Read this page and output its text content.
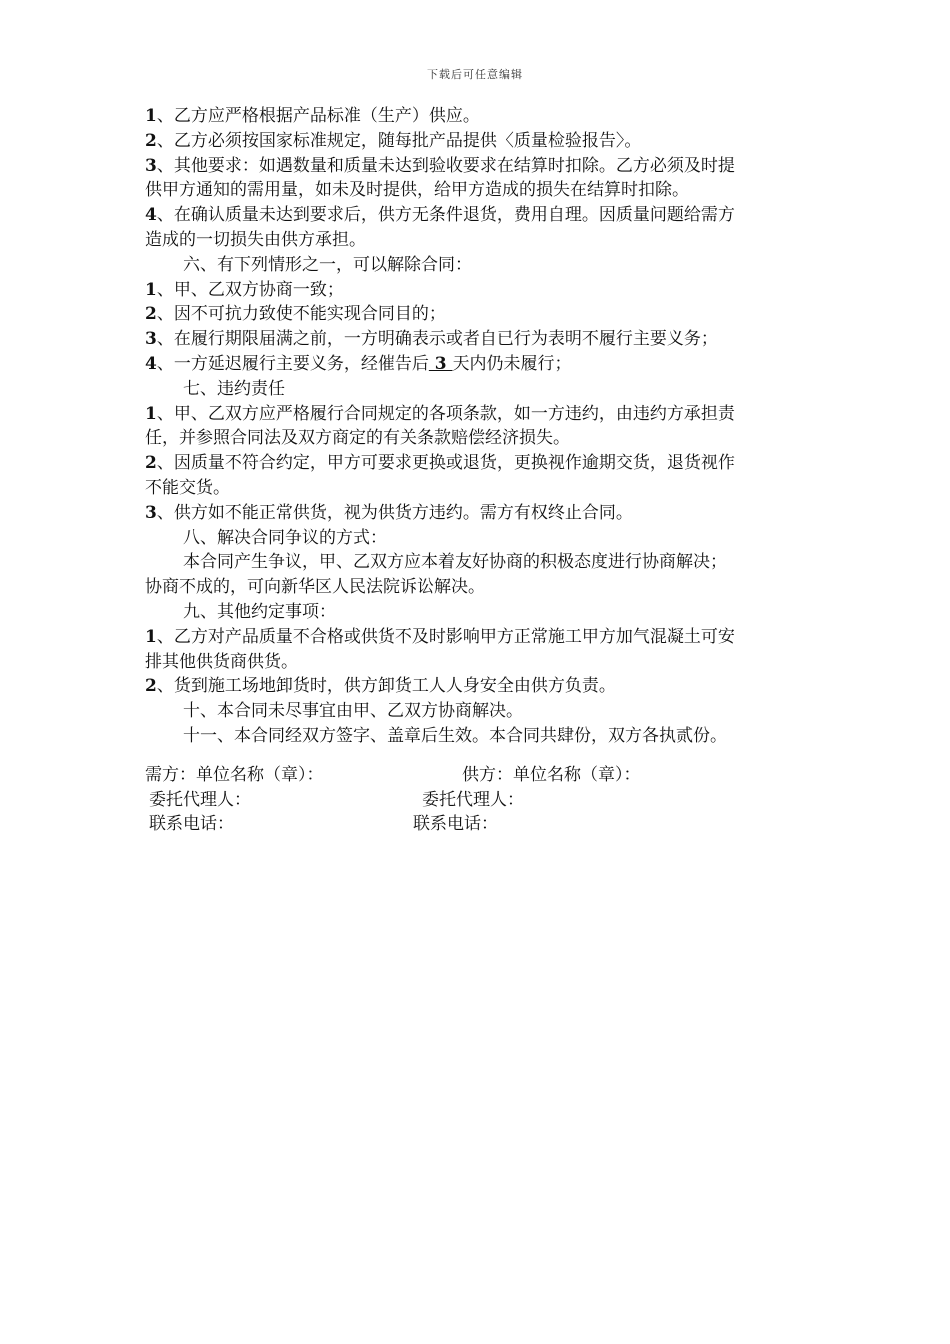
下载后可任意编辑
1、乙方应严格根据产品标准（生产）供应。
2、乙方必须按国家标准规定，随每批产品提供〈质量检验报告〉。
3、其他要求：如遇数量和质量未达到验收要求在结算时扣除。乙方必须及时提
供甲方通知的需用量，如未及时提供，给甲方造成的损失在结算时扣除。
4、在确认质量未达到要求后，供方无条件退货，费用自理。因质量问题给需方
造成的一切损失由供方承担。
六、有下列情形之一，可以解除合同：
1、甲、乙双方协商一致；
2、因不可抗力致使不能实现合同目的；
3、在履行期限届满之前，一方明确表示或者自已行为表明不履行主要义务；
4、一方延迟履行主要义务，经催告后 3 天内仍未履行；
七、违约责任
1、甲、乙双方应严格履行合同规定的各项条款，如一方违约，由违约方承担责
任，并参照合同法及双方商定的有关条款赔偿经济损失。
2、因质量不符合约定，甲方可要求更换或退货，更换视作逾期交货，退货视作
不能交货。
3、供方如不能正常供货，视为供货方违约。需方有权终止合同。
八、解决合同争议的方式：
本合同产生争议，甲、乙双方应本着友好协商的积极态度进行协商解决；
协商不成的，可向新华区人民法院诉讼解决。
九、其他约定事项：
1、乙方对产品质量不合格或供货不及时影响甲方正常施工甲方加气混凝土可安
排其他供货商供货。
2、货到施工场地卸货时，供方卸货工人人身安全由供方负责。
十、本合同未尽事宜由甲、乙双方协商解决。
十一、本合同经双方签字、盖章后生效。本合同共肆份，双方各执贰份。
需方：单位名称（章）：	供方：单位名称（章）：
委托代理人：	委托代理人：
联系电话：	联系电话：
